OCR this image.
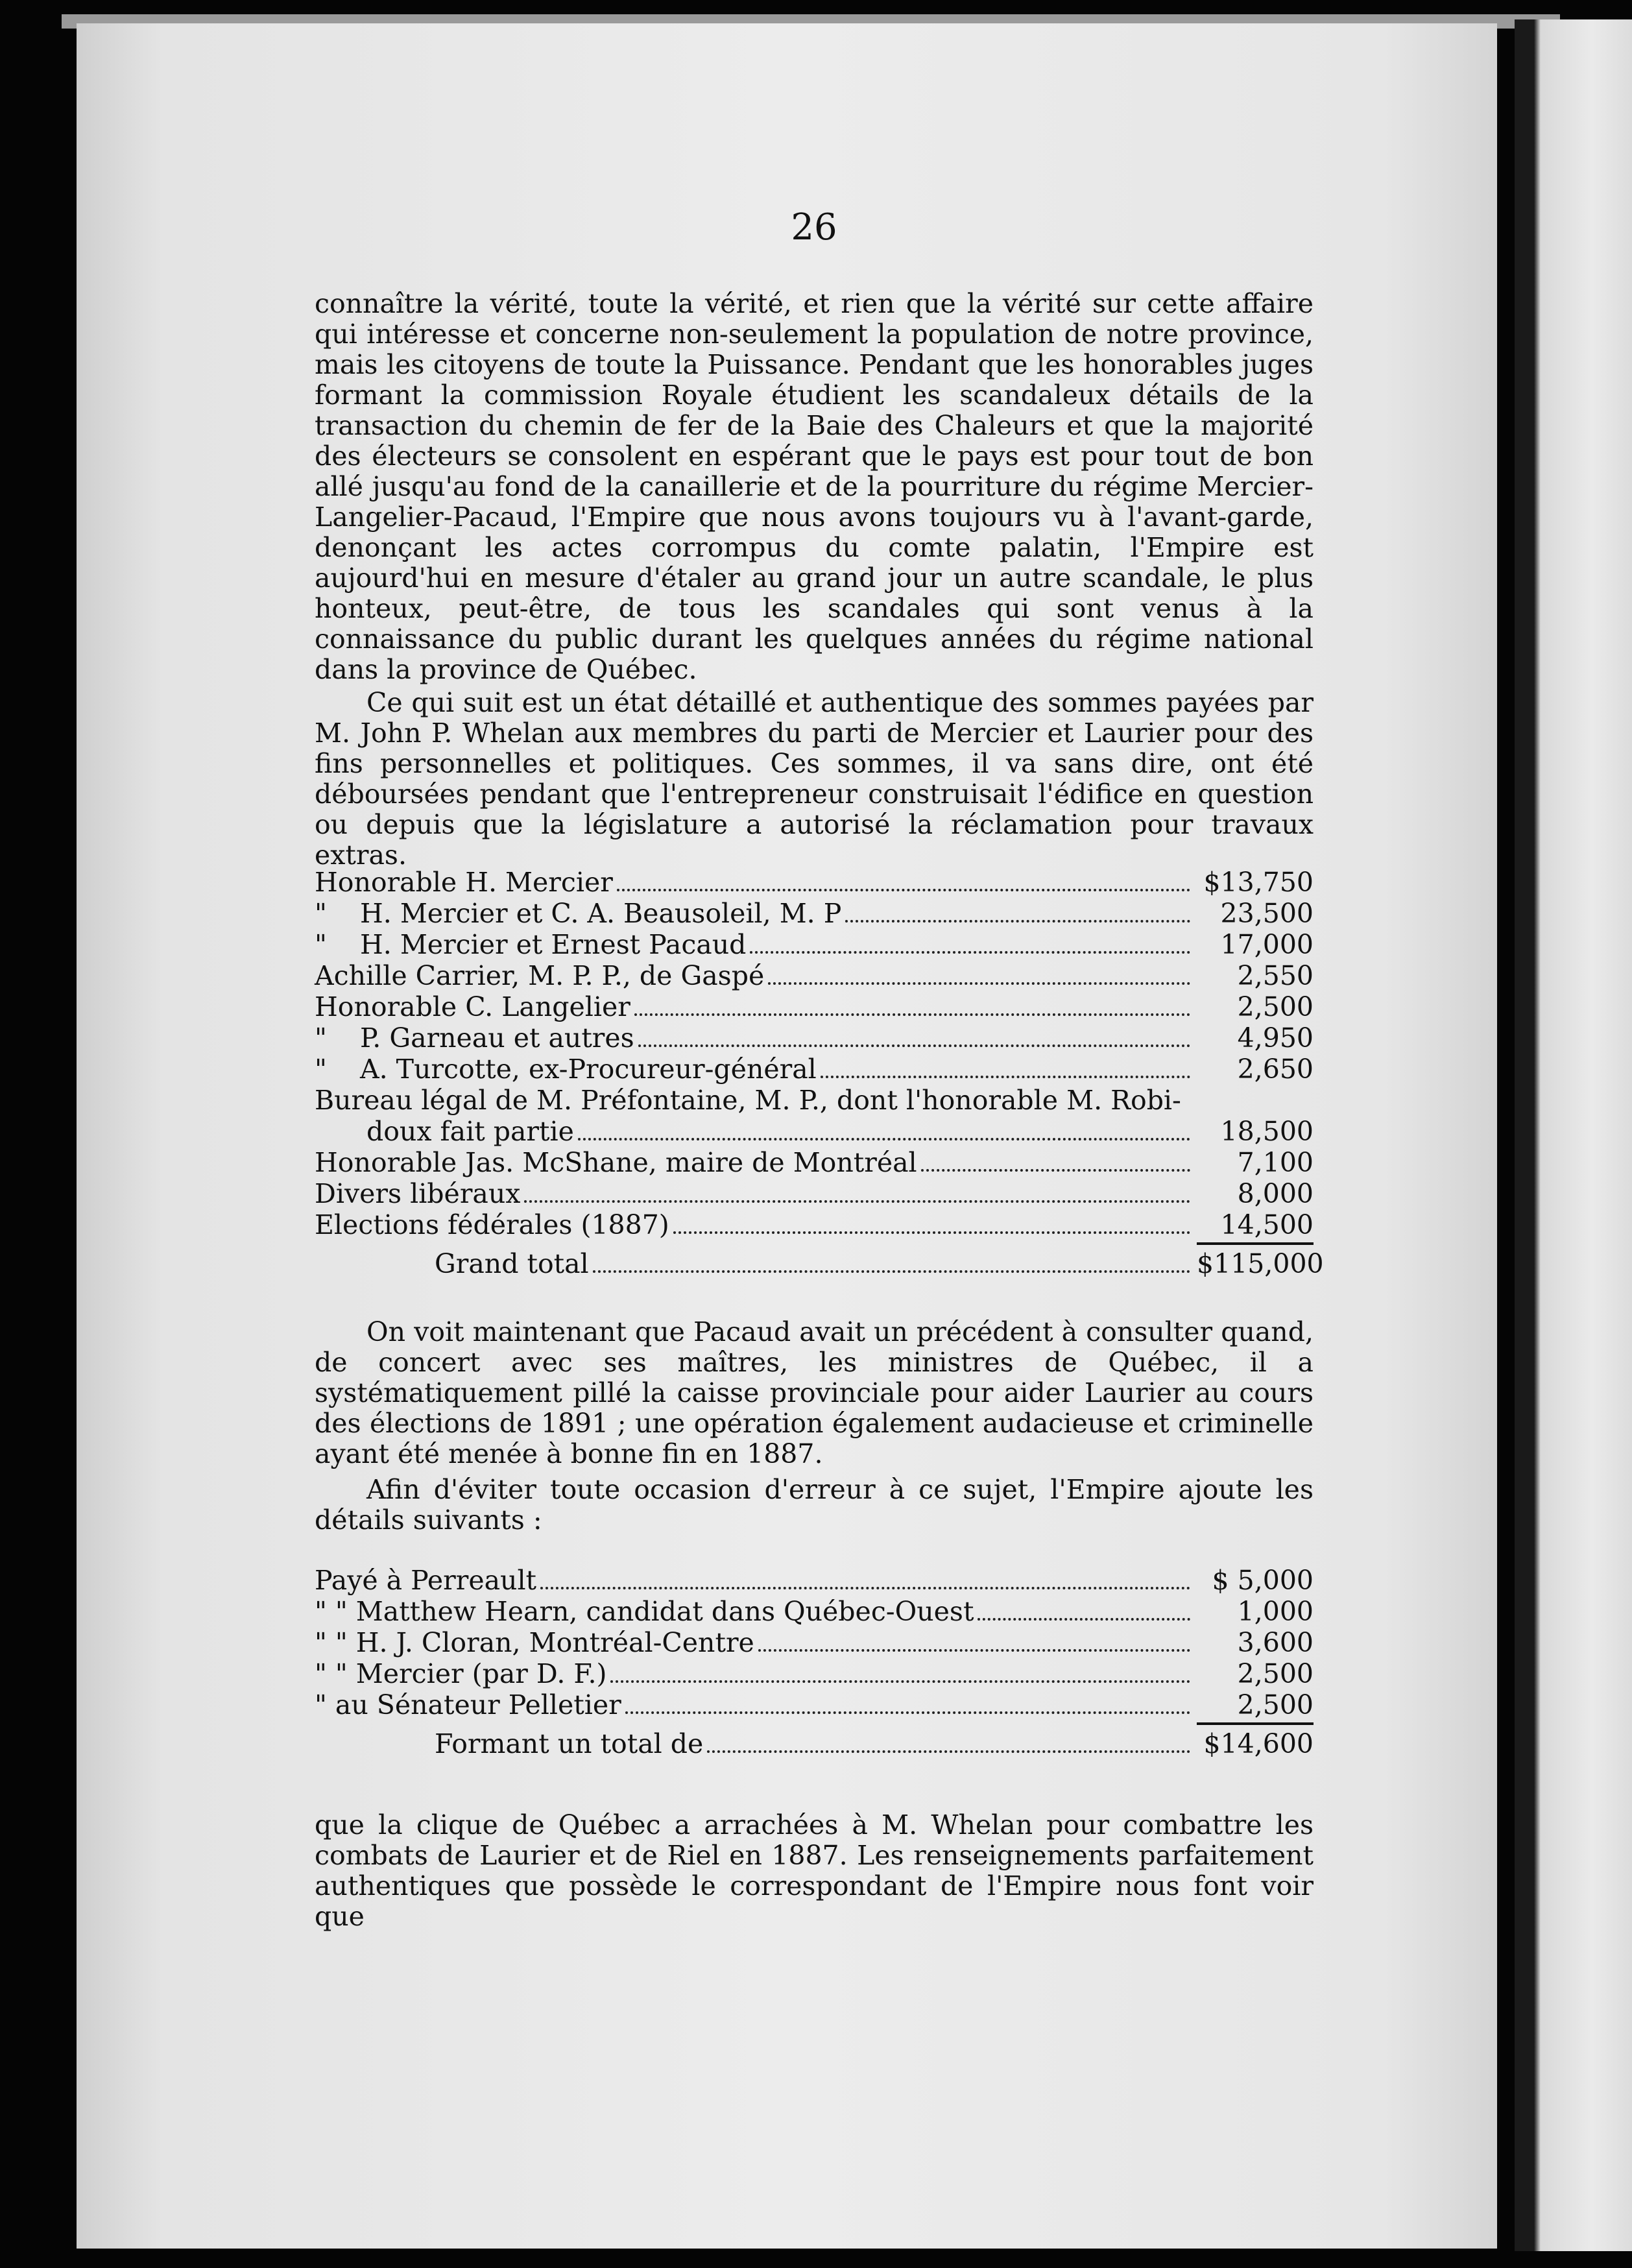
26

connaître la vérité, toute la vérité, et rien que la vérité sur cette affaire qui intéresse et concerne non-seulement la population de notre province, mais les citoyens de toute la Puissance. Pendant que les honorables juges formant la commission Royale étudient les scandaleux détails de la transaction du chemin de fer de la Baie des Chaleurs et que la majorité des électeurs se consolent en espérant que le pays est pour tout de bon allé jusqu'au fond de la canaillerie et de la pourriture du régime Mercier-Langelier-Pacaud, l'Empire que nous avons toujours vu à l'avant-garde, denonçant les actes corrompus du comte palatin, l'Empire est aujourd'hui en mesure d'étaler au grand jour un autre scandale, le plus honteux, peut-être, de tous les scandales qui sont venus à la connaissance du public durant les quelques années du régime national dans la province de Québec.

Ce qui suit est un état détaillé et authentique des sommes payées par M. John P. Whelan aux membres du parti de Mercier et Laurier pour des fins personnelles et politiques. Ces sommes, il va sans dire, ont été déboursées pendant que l'entrepreneur construisait l'édifice en question ou depuis que la législature a autorisé la réclamation pour travaux extras.

Honorable H. Mercier	$13,750
"	H. Mercier et C. A. Beausoleil, M. P	23,500
"	H. Mercier et Ernest Pacaud	17,000
Achille Carrier, M. P. P., de Gaspé	2,550
Honorable C. Langelier	2,500
"	P. Garneau et autres	4,950
"	A. Turcotte, ex-Procureur-général	2,650
Bureau légal de M. Préfontaine, M. P., dont l'honorable M. Robi-
doux fait partie	18,500
Honorable Jas. McShane, maire de Montréal	7,100
Divers libéraux	8,000
Elections fédérales (1887)	14,500
Grand total	$115,000

On voit maintenant que Pacaud avait un précédent à consulter quand, de concert avec ses maîtres, les ministres de Québec, il a systématiquement pillé la caisse provinciale pour aider Laurier au cours des élections de 1891 ; une opération également audacieuse et criminelle ayant été menée à bonne fin en 1887.

Afin d'éviter toute occasion d'erreur à ce sujet, l'Empire ajoute les détails suivants :

Payé à Perreault	$ 5,000
" " Matthew Hearn, candidat dans Québec-Ouest	1,000
" " H. J. Cloran, Montréal-Centre	3,600
" " Mercier (par D. F.)	2,500
" au Sénateur Pelletier	2,500
Formant un total de	$14,600

que la clique de Québec a arrachées à M. Whelan pour combattre les combats de Laurier et de Riel en 1887. Les renseignements parfaitement authentiques que possède le correspondant de l'Empire nous font voir que
